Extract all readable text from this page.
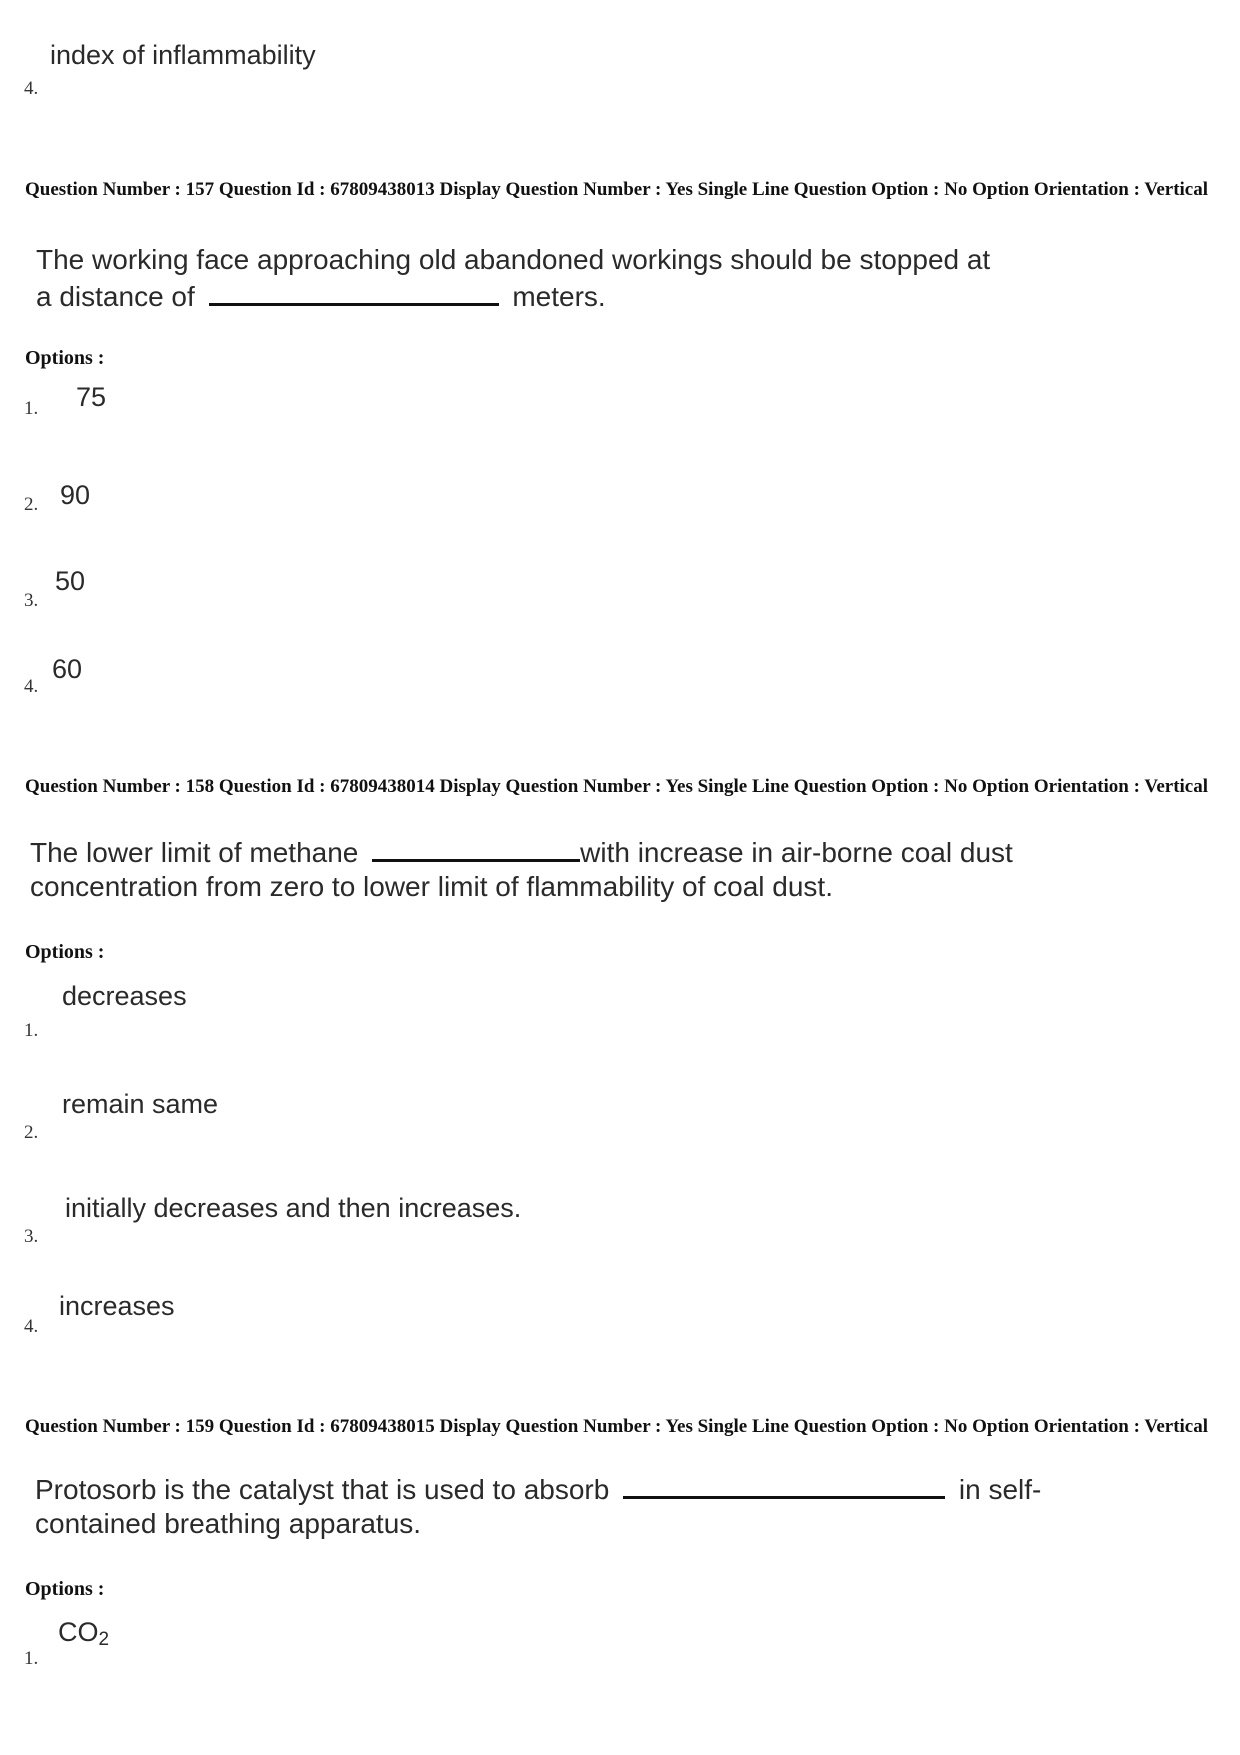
index of inflammability
4.
Question Number : 157 Question Id : 67809438013 Display Question Number : Yes Single Line Question Option : No Option Orientation : Vertical
The working face approaching old abandoned workings should be stopped at
a distance of	meters.
Options :
75
1.
90
2.
50
3.
60
4.
Question Number : 158 Question Id : 67809438014 Display Question Number : Yes Single Line Question Option : No Option Orientation : Vertical
The lower limit of methane	with increase in air-borne coal dust
concentration from zero to lower limit of flammability of coal dust.
Options :
decreases
1.
remain same
2.
initially decreases and then increases.
3.
increases
4.
Question Number : 159 Question Id : 67809438015 Display Question Number : Yes Single Line Question Option : No Option Orientation : Vertical
Protosorb is the catalyst that is used to absorb	in self-
contained breathing apparatus.
Options :
$CO_2$
1.
